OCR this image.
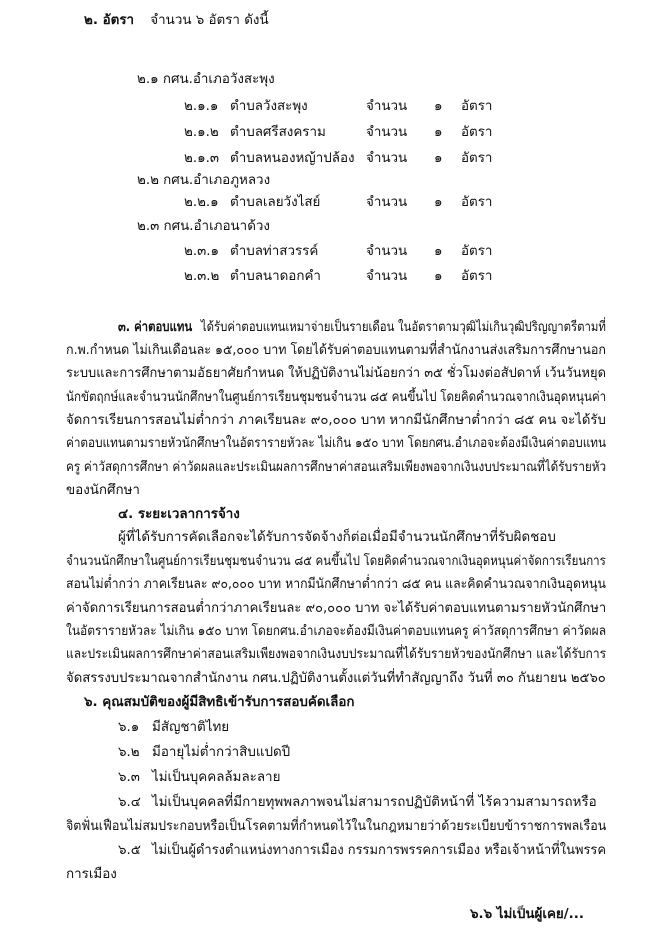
๒. อัตรา จำนวน ๖ อัตรา ดังนี้
๒.๑ กศน.อำเภอวังสะพุง
๒.๑.๑ ตำบลวังสะพุง	จำนวน ๑ อัตรา
๒.๑.๒ ตำบลศรีสงคราม	จำนวน ๑ อัตรา
๒.๑.๓ ตำบลหนองหญ้าปล้อง จำนวน ๑ อัตรา
๒.๒ กศน.อำเภอภูหลวง
๒.๒.๑ ตำบลเลยวังไสย์	จำนวน ๑ อัตรา
๒.๓ กศน.อำเภอนาด้วง
๒.๓.๑ ตำบลท่าสวรรค์	จำนวน ๑ อัตรา
๒.๓.๒ ตำบลนาดอกคำ	จำนวน ๑ อัตรา
๓. ค่าตอบแทน ได้รับค่าตอบแทนเหมาจ่ายเป็นรายเดือน ในอัตราตามวุฒิไม่เกินวุฒิปริญญาตรีตามที่
ก.พ.กำหนด ไม่เกินเดือนละ ๑๕,๐๐๐ บาท โดยได้รับค่าตอบแทนตามที่สำนักงานส่งเสริมการศึกษานอก
ระบบและการศึกษาตามอัธยาศัยกำหนด ให้ปฏิบัติงานไม่น้อยกว่า ๓๕ ชั่วโมงต่อสัปดาห์ เว้นวันหยุด
นักขัตฤกษ์และจำนวนนักศึกษาในศูนย์การเรียนชุมชนจำนวน ๘๕ คนขึ้นไป โดยคิดคำนวณจากเงินอุดหนุนค่า
จัดการเรียนการสอนไม่ต่ำกว่า ภาคเรียนละ ๙๐,๐๐๐ บาท หากมีนักศึกษาต่ำกว่า ๘๕ คน จะได้รับ
ค่าตอบแทนตามรายหัวนักศึกษาในอัตรารายหัวละ ไม่เกิน ๑๕๐ บาท โดยกศน.อำเภอจะต้องมีเงินค่าตอบแทน
ครู ค่าวัสดุการศึกษา ค่าวัดผลและประเมินผลการศึกษาค่าสอนเสริมเพียงพอจากเงินงบประมาณที่ได้รับรายหัว
ของนักศึกษา
๔. ระยะเวลาการจ้าง
ผู้ที่ได้รับการคัดเลือกจะได้รับการจัดจ้างก็ต่อเมื่อมีจำนวนนักศึกษาที่รับผิดชอบ
จำนวนนักศึกษาในศูนย์การเรียนชุมชนจำนวน ๘๕ คนขึ้นไป โดยคิดคำนวณจากเงินอุดหนุนค่าจัดการเรียนการ
สอนไม่ต่ำกว่า ภาคเรียนละ ๙๐,๐๐๐ บาท หากมีนักศึกษาต่ำกว่า ๘๕ คน และคิดคำนวณจากเงินอุดหนุน
ค่าจัดการเรียนการสอนต่ำกว่าภาคเรียนละ ๙๐,๐๐๐ บาท จะได้รับค่าตอบแทนตามรายหัวนักศึกษา
ในอัตรารายหัวละ ไม่เกิน ๑๕๐ บาท โดยกศน.อำเภอจะต้องมีเงินค่าตอบแทนครู ค่าวัสดุการศึกษา ค่าวัดผล
และประเมินผลการศึกษาค่าสอนเสริมเพียงพอจากเงินงบประมาณที่ได้รับรายหัวของนักศึกษา และได้รับการ
จัดสรรงบประมาณจากสำนักงาน กศน.ปฏิบัติงานตั้งแต่วันที่ทำสัญญาถึง วันที่ ๓๐ กันยายน ๒๕๖๐
๖. คุณสมบัติของผู้มีสิทธิเข้ารับการสอบคัดเลือก
๖.๑ มีสัญชาติไทย
๖.๒ มีอายุไม่ต่ำกว่าสิบแปดปี
๖.๓ ไม่เป็นบุคคลล้มละลาย
๖.๔ ไม่เป็นบุคคลที่มีกายทุพพลภาพจนไม่สามารถปฏิบัติหน้าที่ ไร้ความสามารถหรือ
จิตฟั่นเฟือนไม่สมประกอบหรือเป็นโรคตามที่กำหนดไว้ในในกฎหมายว่าด้วยระเบียบข้าราชการพลเรือน
๖.๕ ไม่เป็นผู้ดำรงตำแหน่งทางการเมือง กรรมการพรรคการเมือง หรือเจ้าหน้าที่ในพรรค
การเมือง
๖.๖ ไม่เป็นผู้เคย/...
